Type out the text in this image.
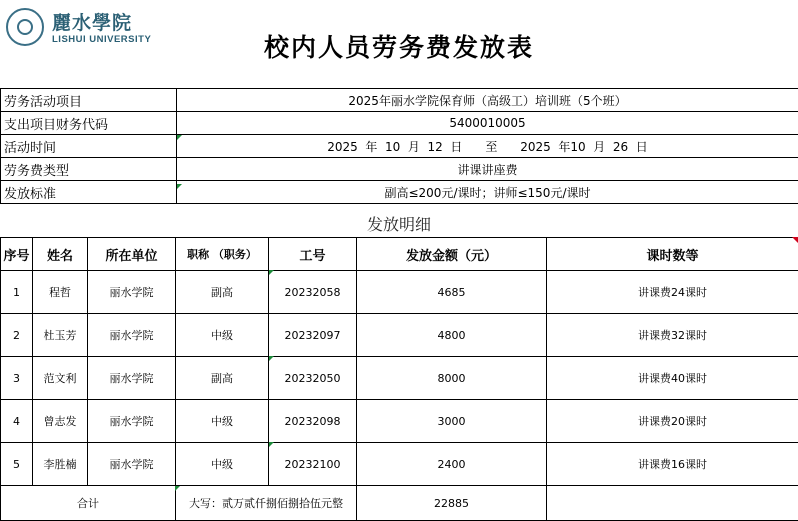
麗水學院
LISHUI UNIVERSITY	校内人员劳务费发放表
劳务活动项目	2025年丽水学院保育师（高级工）培训班（5个班）
支出项目财务代码	5400010005
活动时间	2025  年  10  月  12  日      至      2025  年10  月  26  日
劳务费类型	讲课讲座费
发放标准	副高≤200元/课时；讲师≤150元/课时
发放明细
序号	姓名	所在单位	职称 （职务）	工号	发放金额（元）	课时数等
1	程哲	丽水学院	副高	20232058	4685	讲课费24课时
2	杜玉芳	丽水学院	中级	20232097	4800	讲课费32课时
3	范文利	丽水学院	副高	20232050	8000	讲课费40课时
4	曾志发	丽水学院	中级	20232098	3000	讲课费20课时
5	李胜楠	丽水学院	中级	20232100	2400	讲课费16课时
合计			大写：贰万贰仟捌佰捌拾伍元整		22885	
